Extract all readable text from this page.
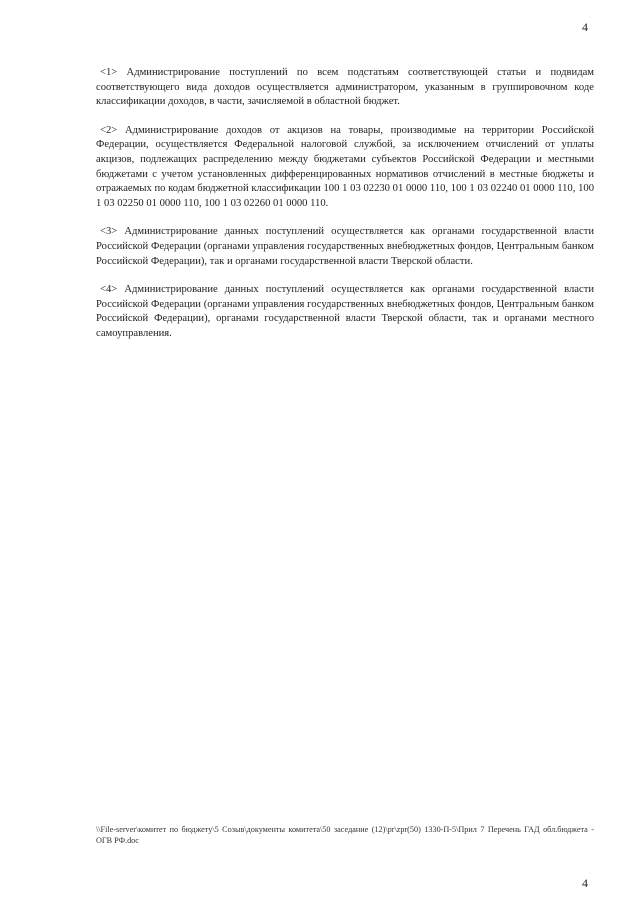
4

<1> Администрирование поступлений по всем подстатьям соответствующей статьи и подвидам соответствующего вида доходов осуществляется администратором, указанным в группировочном коде классификации доходов, в части, зачисляемой в областной бюджет.

<2> Администрирование доходов от акцизов на товары, производимые на территории Российской Федерации, осуществляется Федеральной налоговой службой, за исключением отчислений от уплаты акцизов, подлежащих распределению между бюджетами субъектов Российской Федерации и местными бюджетами с учетом установленных дифференцированных нормативов отчислений в местные бюджеты и отражаемых по кодам бюджетной классификации 100 1 03 02230 01 0000 110, 100 1 03 02240 01 0000 110, 100 1 03 02250 01 0000 110, 100 1 03 02260 01 0000 110.

<3> Администрирование данных поступлений осуществляется как органами государственной власти Российской Федерации (органами управления государственных внебюджетных фондов, Центральным банком Российской Федерации), так и органами государственной власти Тверской области.

<4> Администрирование данных поступлений осуществляется как органами государственной власти Российской Федерации (органами управления государственных внебюджетных фондов, Центральным банком Российской Федерации), органами государственной власти Тверской области, так и органами местного самоуправления.

\\File-server\комитет по бюджету\5 Созыв\документы комитета\50 заседание (12)\pr\zpr(50) 1330-П-5\Прил 7 Перечень ГАД обл.бюджета - ОГВ РФ.doc
4
